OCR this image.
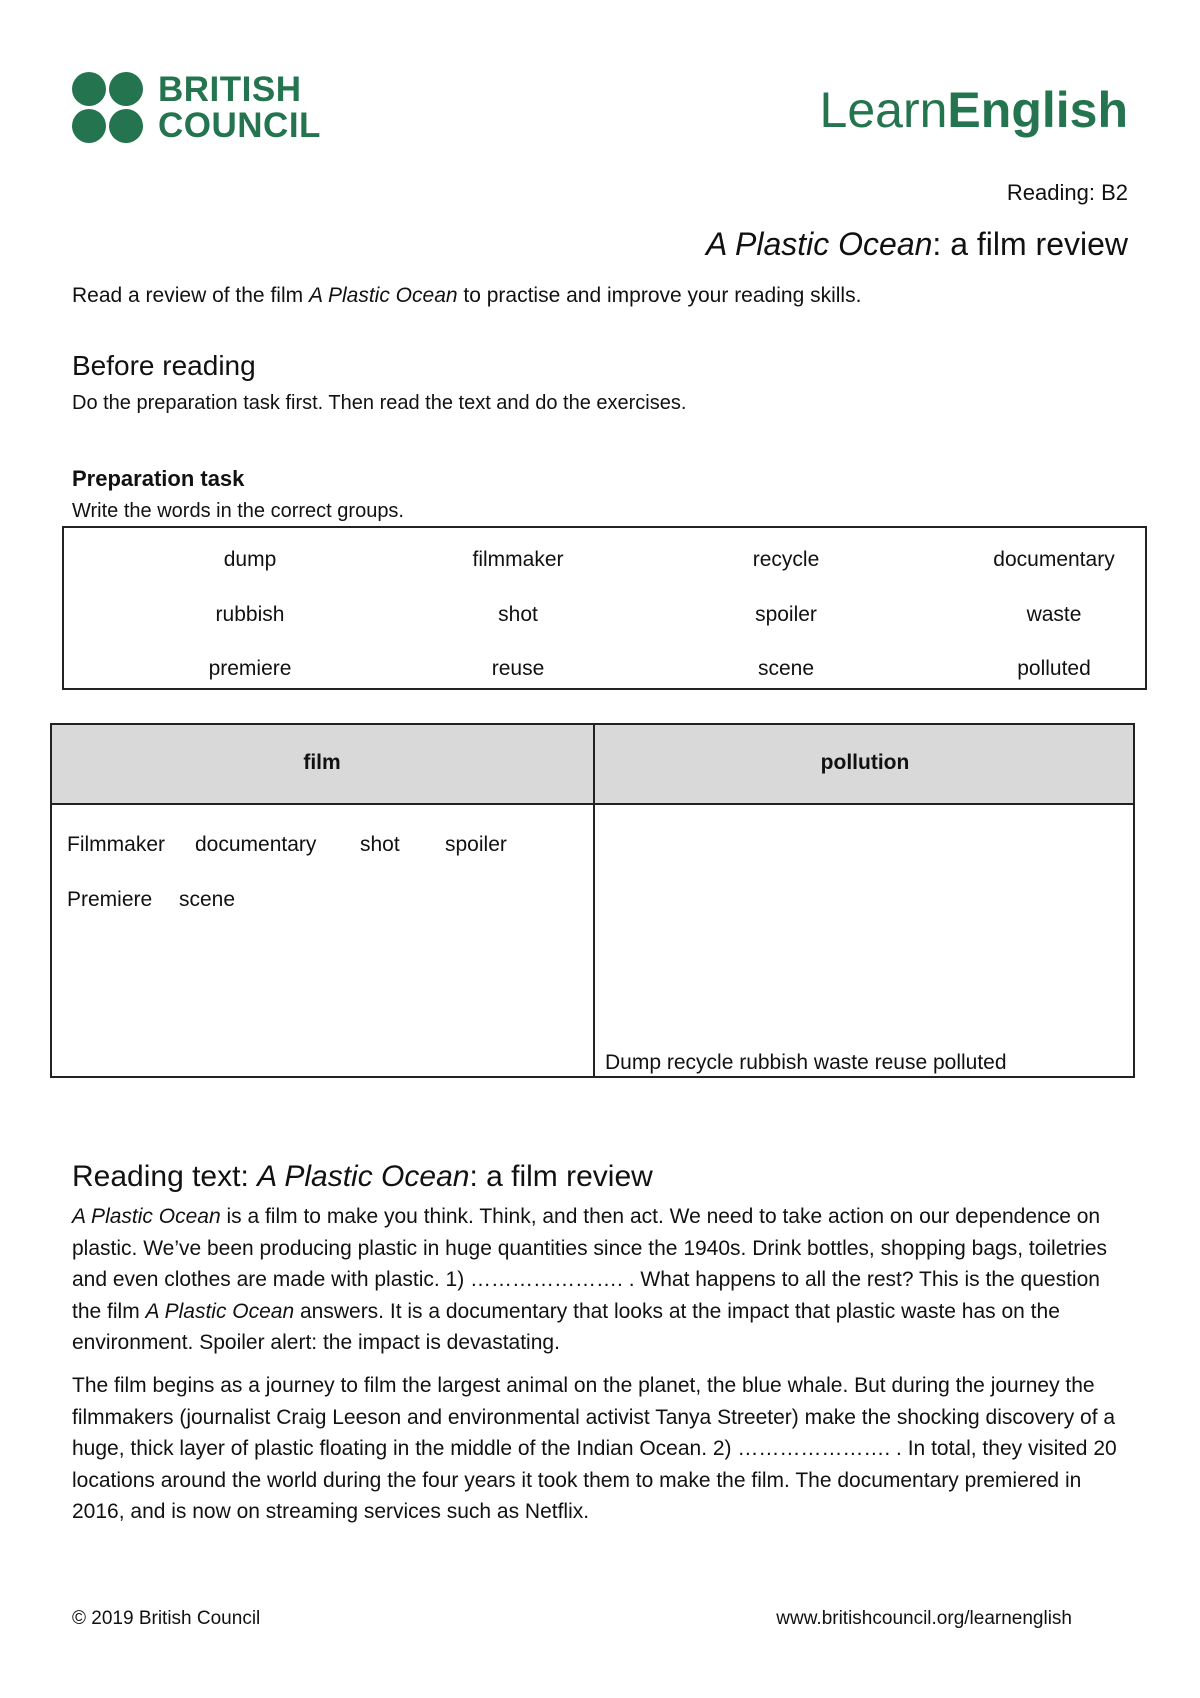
BRITISH
COUNCIL	LearnEnglish
Reading: B2
A Plastic Ocean: a film review
Read a review of the film A Plastic Ocean to practise and improve your reading skills.
Before reading
Do the preparation task first. Then read the text and do the exercises.
Preparation task
Write the words in the correct groups.
dump	filmmaker	recycle	documentary
rubbish	shot	spoiler	waste
premiere	reuse	scene	polluted
film	pollution
Filmmaker documentary shot spoiler
Premiere scene
Dump recycle rubbish waste reuse polluted
Reading text: A Plastic Ocean: a film review
A Plastic Ocean is a film to make you think. Think, and then act. We need to take action on our dependence on plastic. We’ve been producing plastic in huge quantities since the 1940s. Drink bottles, shopping bags, toiletries and even clothes are made with plastic. 1) …………………. . What happens to all the rest? This is the question the film A Plastic Ocean answers. It is a documentary that looks at the impact that plastic waste has on the environment. Spoiler alert: the impact is devastating.
The film begins as a journey to film the largest animal on the planet, the blue whale. But during the journey the filmmakers (journalist Craig Leeson and environmental activist Tanya Streeter) make the shocking discovery of a huge, thick layer of plastic floating in the middle of the Indian Ocean. 2) …………………. . In total, they visited 20 locations around the world during the four years it took them to make the film. The documentary premiered in 2016, and is now on streaming services such as Netflix.
© 2019 British Council	www.britishcouncil.org/learnenglish
